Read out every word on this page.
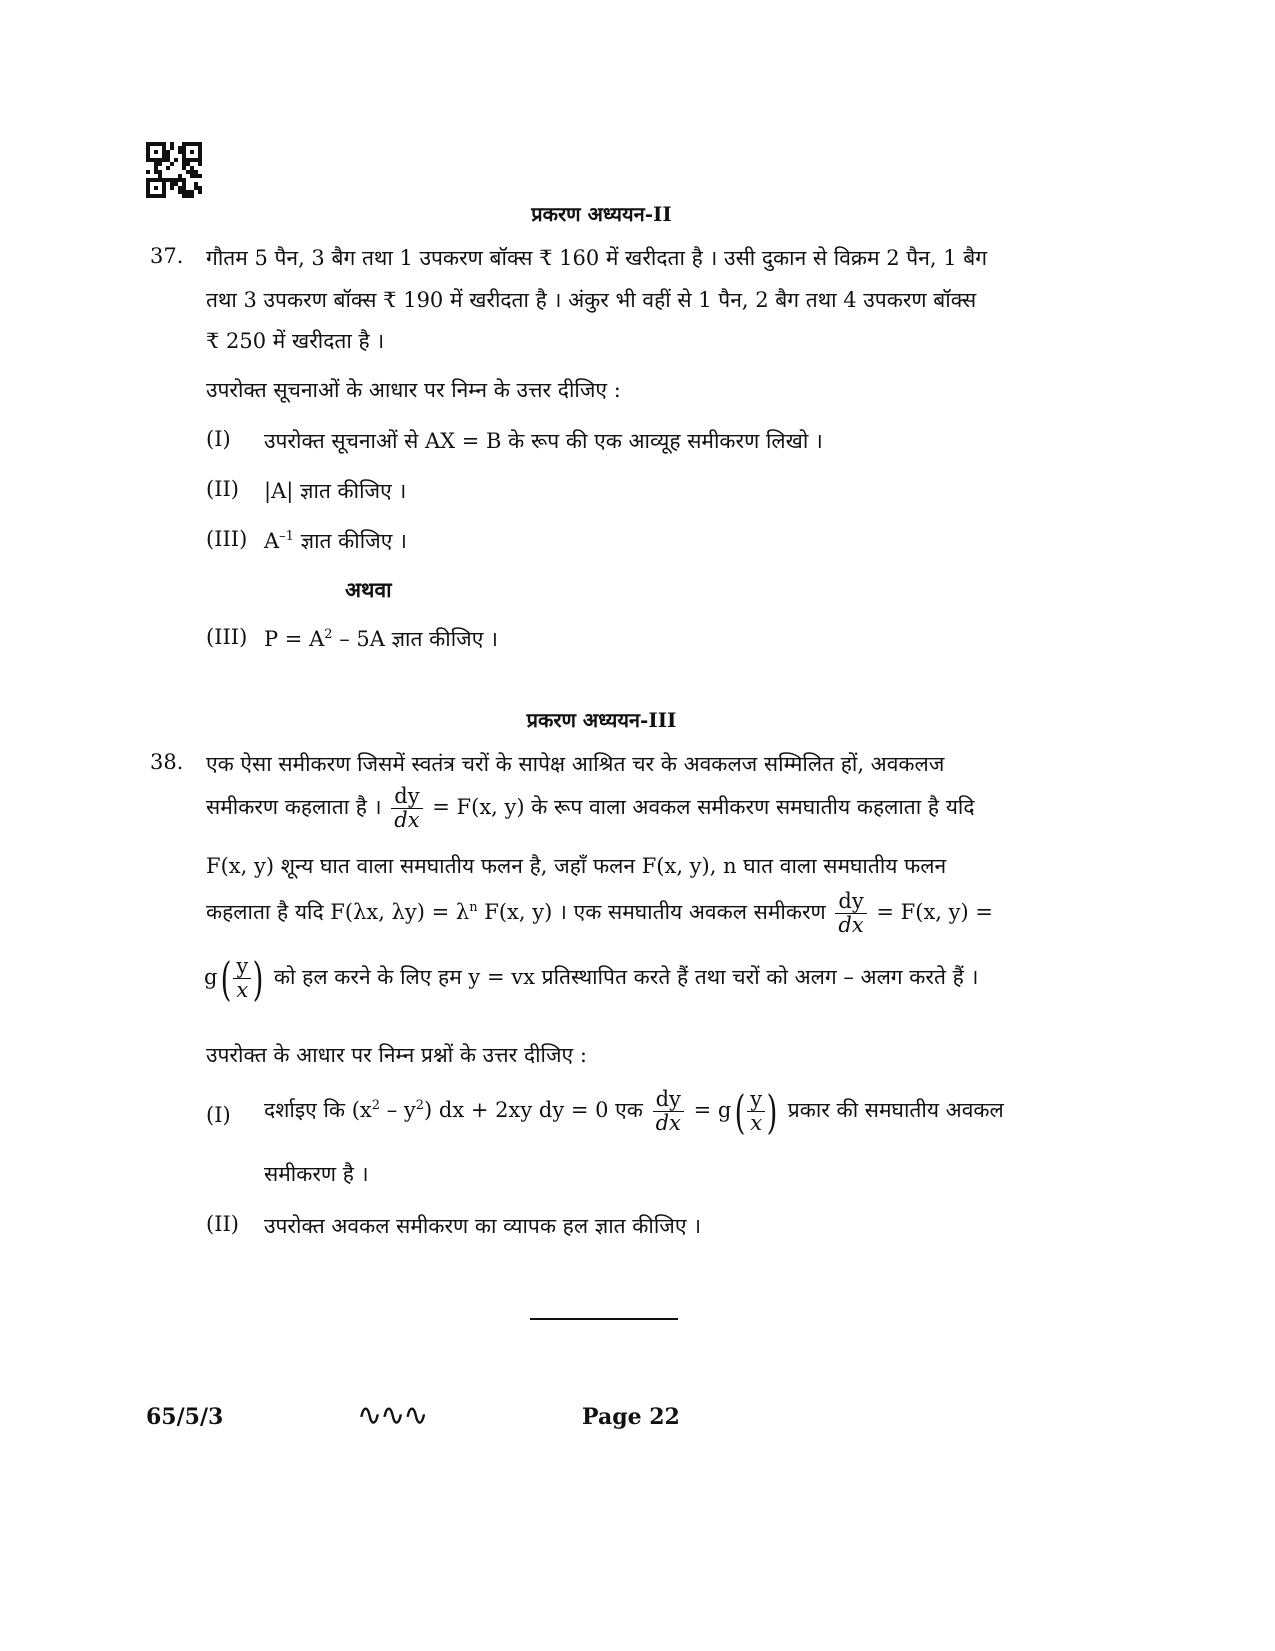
प्रकरण अध्ययन-II
37. गौतम 5 पैन, 3 बैग तथा 1 उपकरण बॉक्स ₹ 160 में खरीदता है । उसी दुकान से विक्रम 2 पैन, 1 बैग
तथा 3 उपकरण बॉक्स ₹ 190 में खरीदता है । अंकुर भी वहीं से 1 पैन, 2 बैग तथा 4 उपकरण बॉक्स
₹ 250 में खरीदता है ।
उपरोक्त सूचनाओं के आधार पर निम्न के उत्तर दीजिए :
(I) उपरोक्त सूचनाओं से AX = B के रूप की एक आव्यूह समीकरण लिखो ।
(II) |A| ज्ञात कीजिए ।
(III) $A^{-1}$ ज्ञात कीजिए ।
अथवा
(III) $P = A^2 - 5A$ ज्ञात कीजिए ।
प्रकरण अध्ययन-III
38. एक ऐसा समीकरण जिसमें स्वतंत्र चरों के सापेक्ष आश्रित चर के अवकलज सम्मिलित हों, अवकलज
समीकरण कहलाता है । $\frac{dy}{dx} = F(x$, y) के रूप वाला अवकल समीकरण समघातीय कहलाता है यदि
F(x, y) शून्य घात वाला समघातीय फलन है, जहाँ फलन F(x, y), n घात वाला समघातीय फलन
कहलाता है यदि F(λx, $\lambda y) = \lambda^n$ F(x, y) । एक समघातीय अवकल समीकरण $\frac{dy}{dx} = F(x$, y) =
$g( \frac{y}{x}$ ) को हल करने के लिए हम y = vx प्रतिस्थापित करते हैं तथा चरों को अलग – अलग करते हैं ।
उपरोक्त के आधार पर निम्न प्रश्नों के उत्तर दीजिए :
(I) दर्शाइए कि $(x^2 - y^2)$ dx + 2xy dy = 0 एक $\frac{dy}{dx} = g( \frac{y}{x}$ ) प्रकार की समघातीय अवकल
समीकरण है ।
(II) उपरोक्त अवकल समीकरण का व्यापक हल ज्ञात कीजिए ।
65/5/3	∿∿∿	Page 22
